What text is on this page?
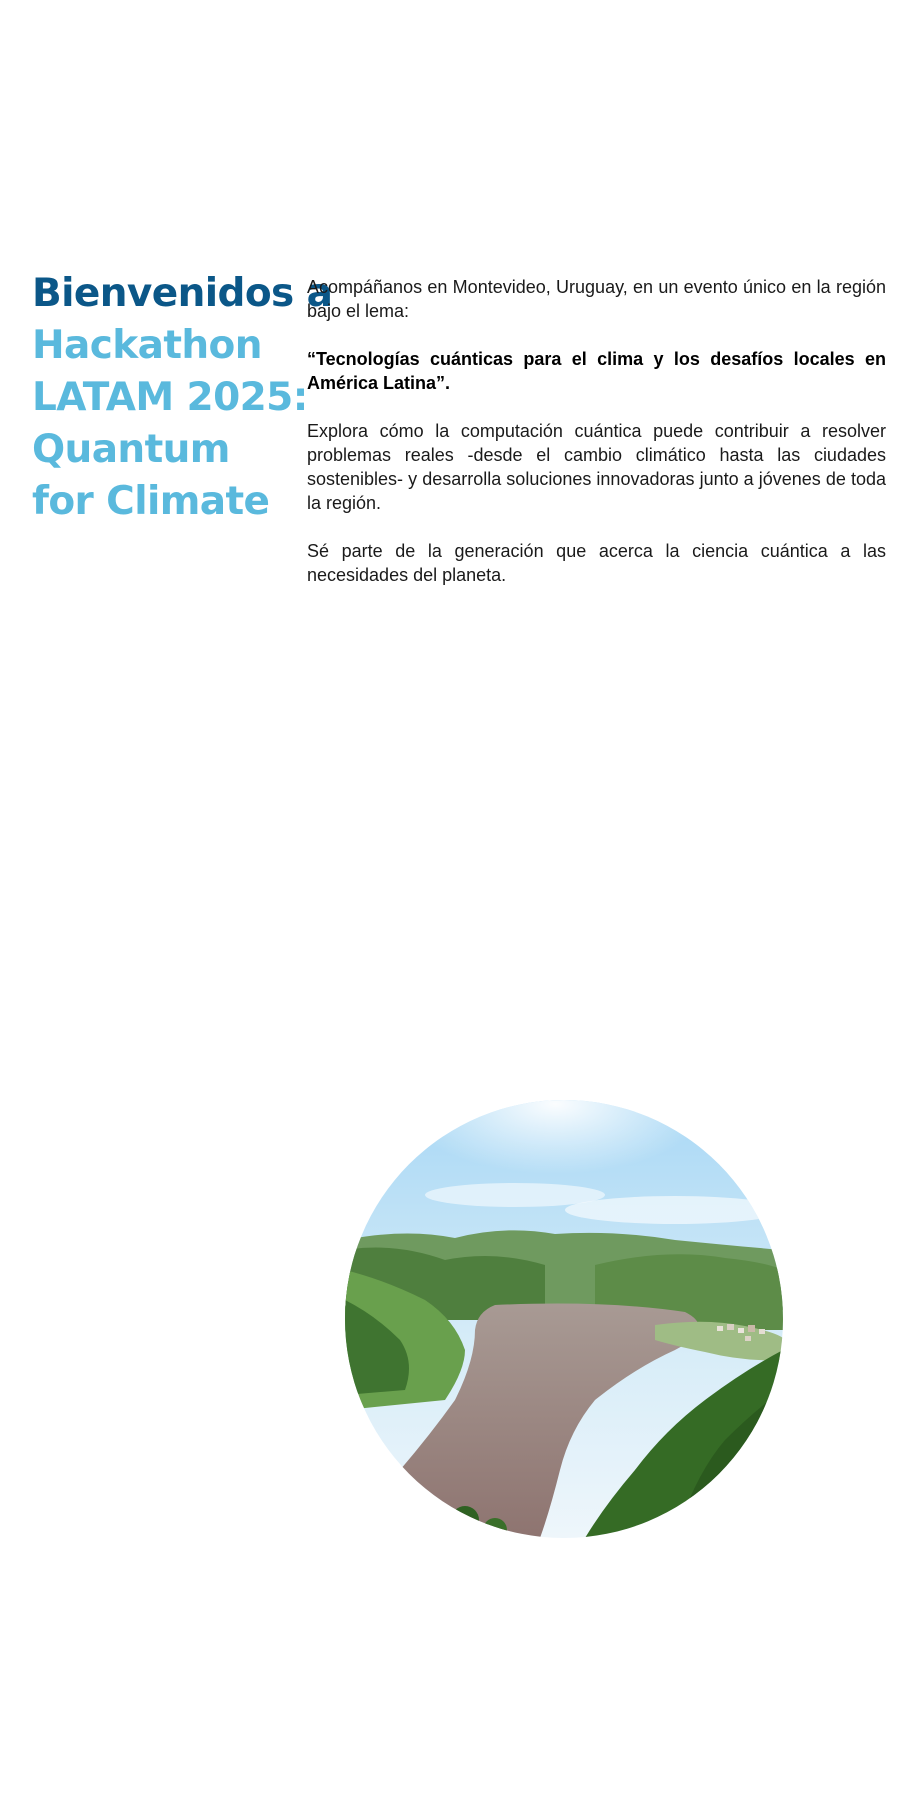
Bienvenidos a
Hackathon
LATAM 2025:
Quantum
for Climate

Acompáñanos en Montevideo, Uruguay, en un evento único en la región bajo el lema:

“Tecnologías cuánticas para el clima y los desafíos locales en América Latina”.

Explora cómo la computación cuántica puede contribuir a resolver problemas reales -desde el cambio climático hasta las ciudades sostenibles- y desarrolla soluciones innovadoras junto a jóvenes de toda la región.

Sé parte de la generación que acerca la ciencia cuántica a las necesidades del planeta.
